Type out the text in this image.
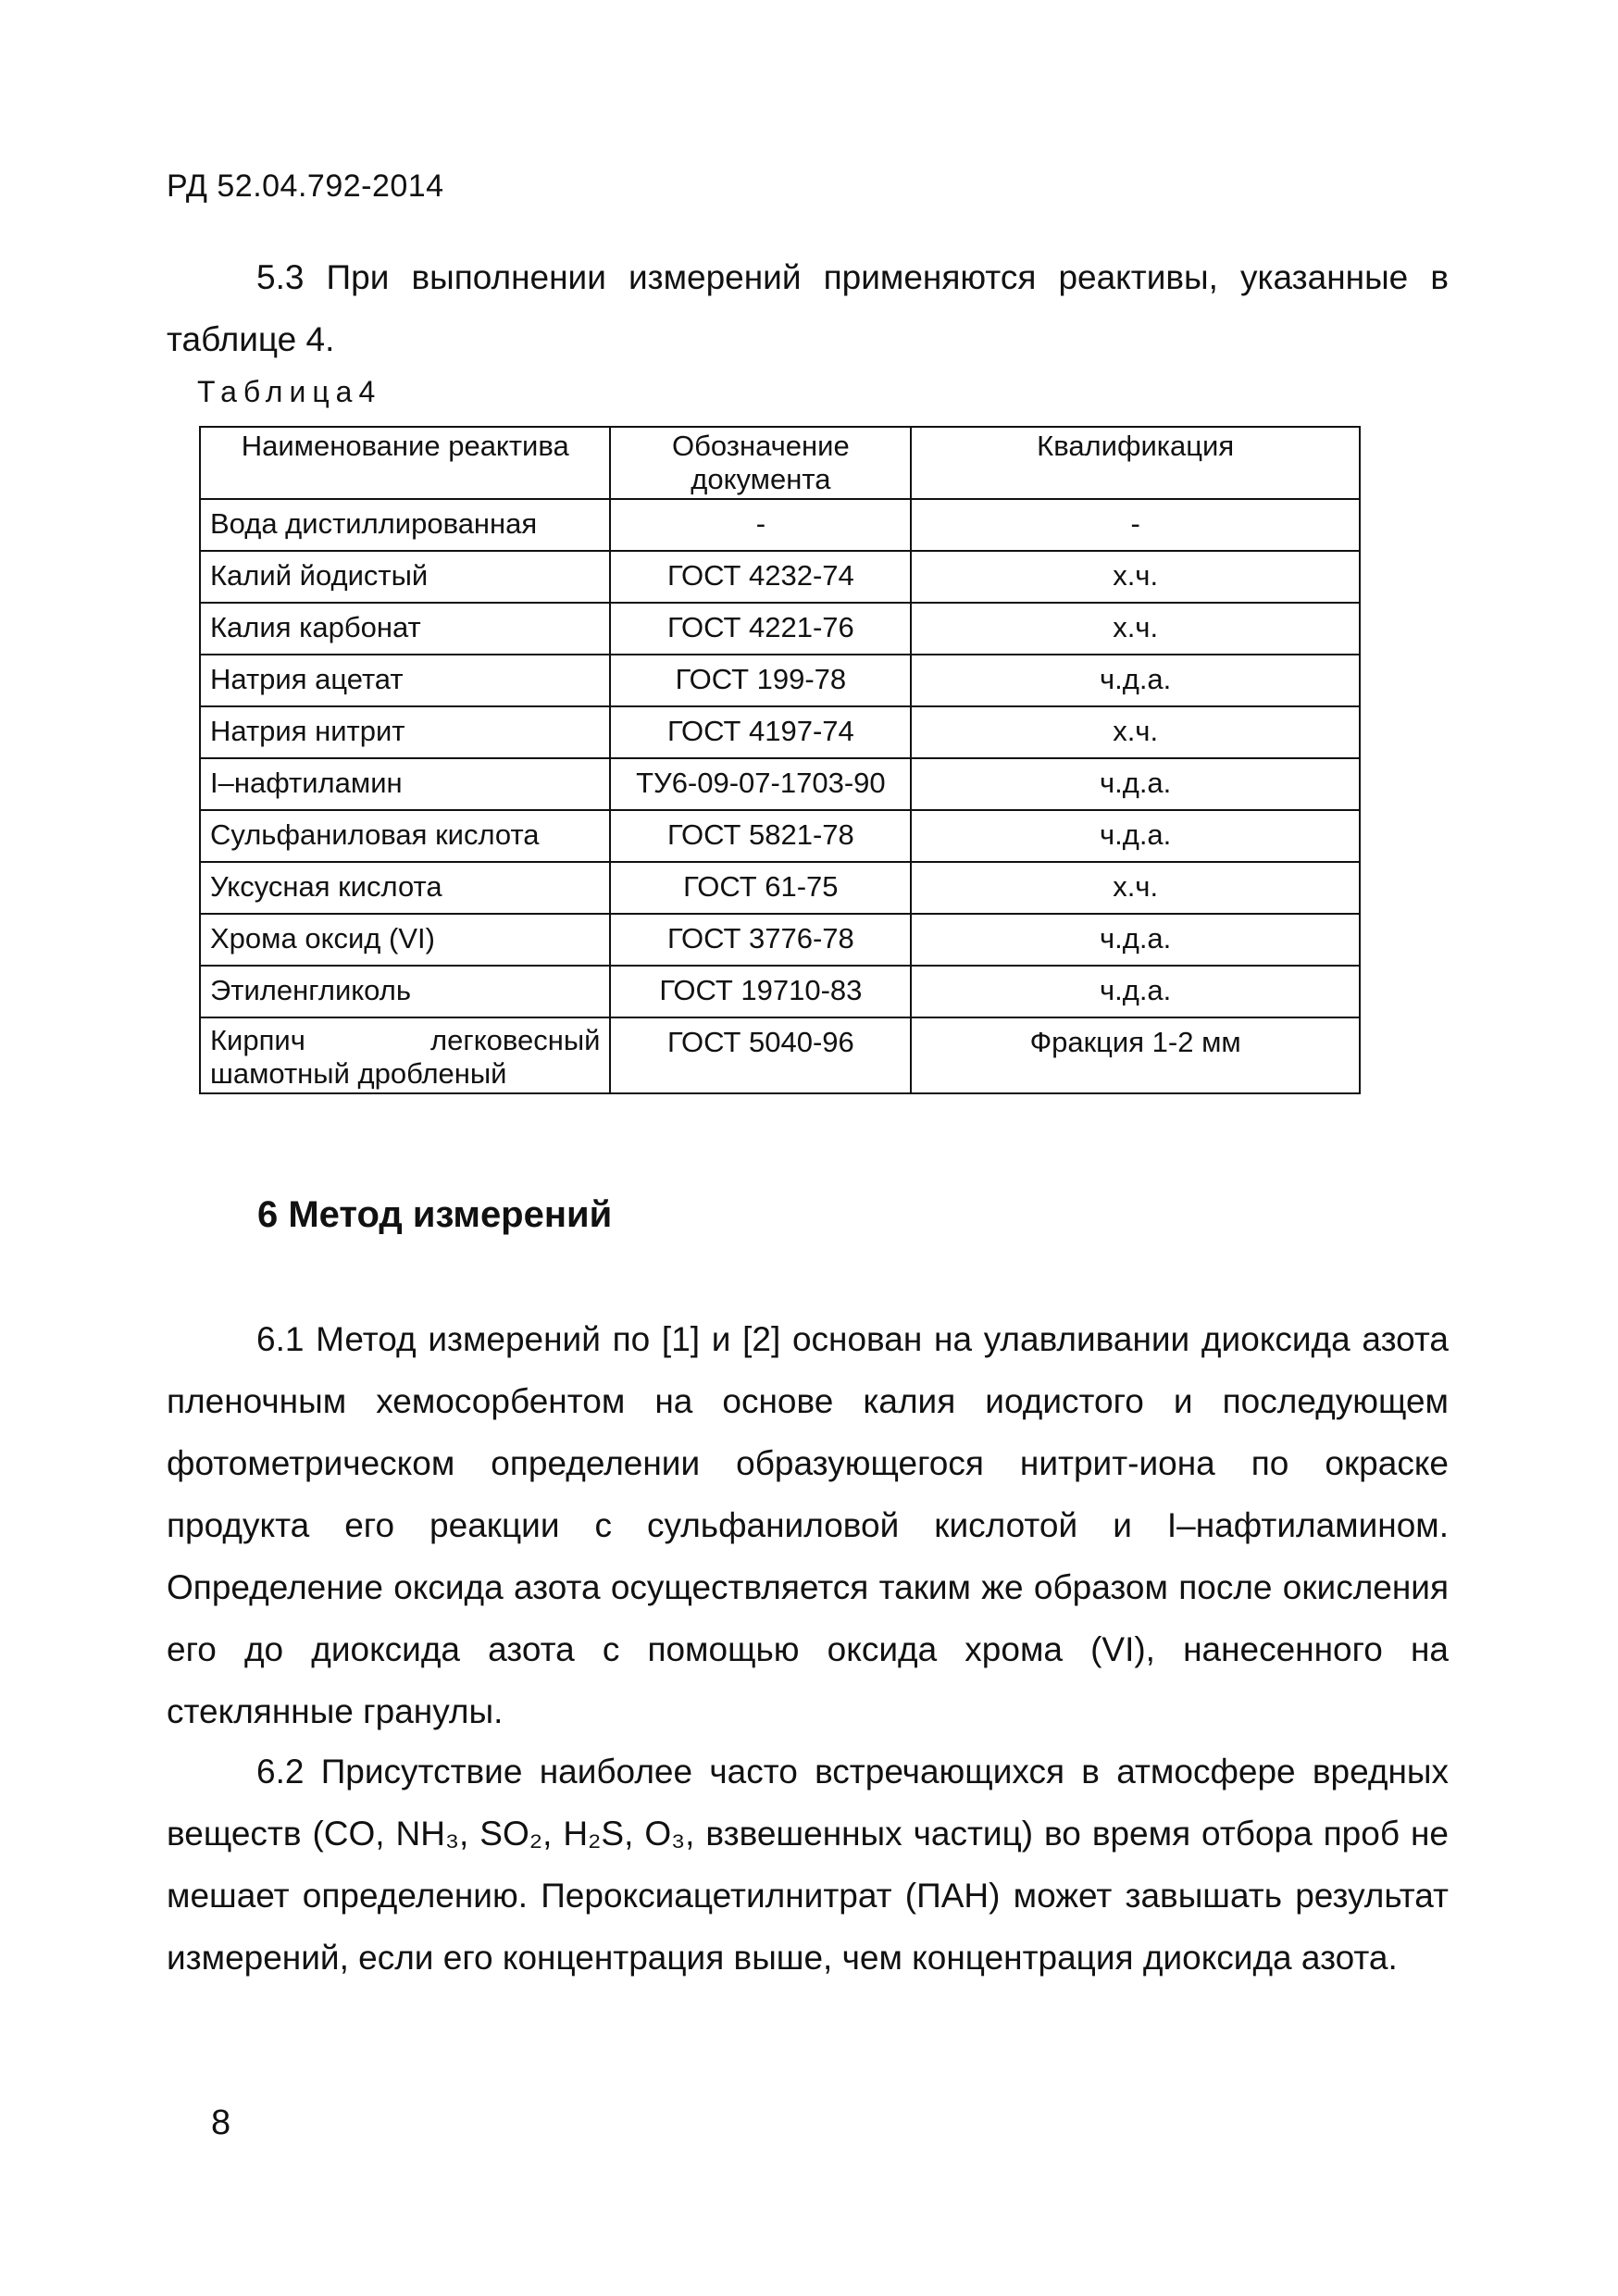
РД 52.04.792-2014

5.3 При выполнении измерений применяются реактивы, указанные в таблице 4.

Таблица4
Наименование реактива	Обозначение документа	Квалификация
Вода дистиллированная	-	-
Калий йодистый	ГОСТ 4232-74	х.ч.
Калия карбонат	ГОСТ 4221-76	х.ч.
Натрия ацетат	ГОСТ 199-78	ч.д.а.
Натрия нитрит	ГОСТ 4197-74	х.ч.
I–нафтиламин	ТУ6-09-07-1703-90	ч.д.а.
Сульфаниловая кислота	ГОСТ 5821-78	ч.д.а.
Уксусная кислота	ГОСТ 61-75	х.ч.
Хрома оксид (VI)	ГОСТ 3776-78	ч.д.а.
Этиленгликоль	ГОСТ 19710-83	ч.д.а.
Кирпич легковесный шамотный дробленый	ГОСТ 5040-96	Фракция 1-2 мм
6 Метод измерений

6.1 Метод измерений по [1] и [2] основан на улавливании диоксида азота пленочным хемосорбентом на основе калия иодистого и последующем фотометрическом определении образующегося нитрит-иона по окраске продукта его реакции с сульфаниловой кислотой и I–нафтиламином. Определение оксида азота осуществляется таким же образом после окисления его до диоксида азота с помощью оксида хрома (VI), нанесенного на стеклянные гранулы.

6.2 Присутствие наиболее часто встречающихся в атмосфере вредных веществ (CO, NH₃, SO₂, H₂S, O₃, взвешенных частиц) во время отбора проб не мешает определению. Пероксиацетилнитрат (ПАН) может завышать результат измерений, если его концентрация выше, чем концентрация диоксида азота.

8
